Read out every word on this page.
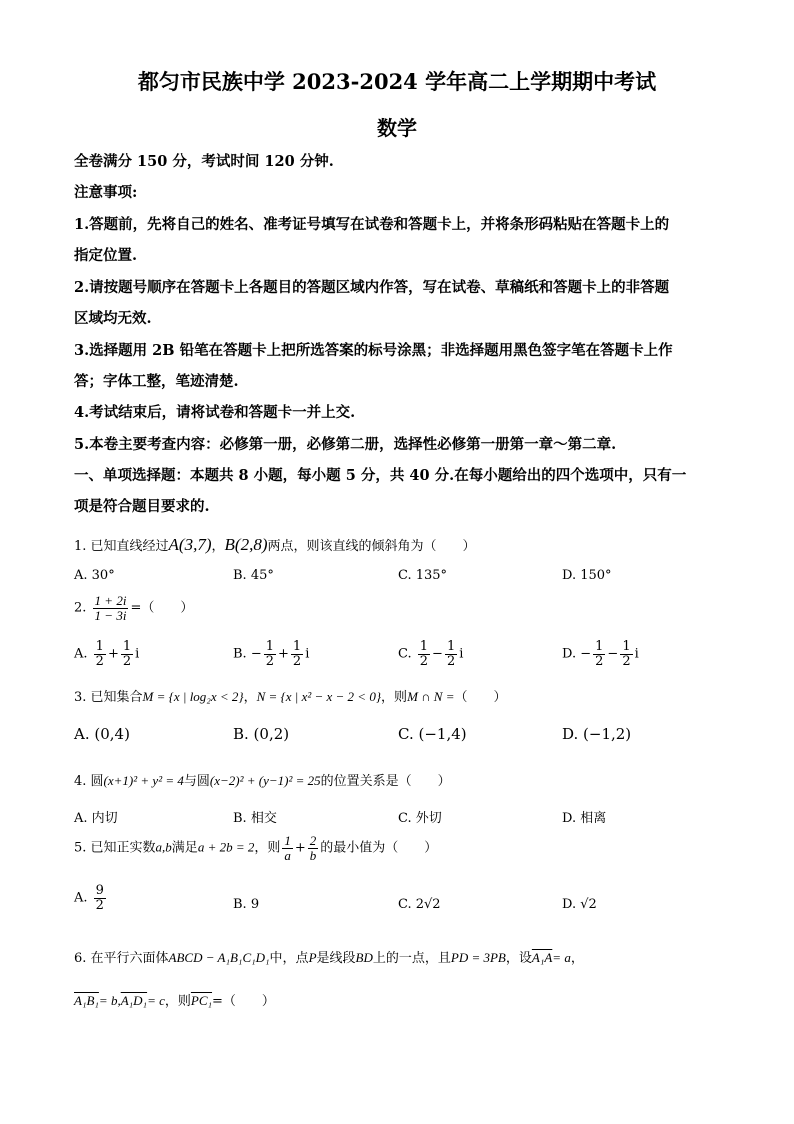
都匀市民族中学 2023-2024 学年高二上学期期中考试
数学
全卷满分 150 分，考试时间 120 分钟.
注意事项:
1.答题前，先将自己的姓名、准考证号填写在试卷和答题卡上，并将条形码粘贴在答题卡上的
指定位置.
2.请按题号顺序在答题卡上各题目的答题区域内作答，写在试卷、草稿纸和答题卡上的非答题
区域均无效.
3.选择题用 2B 铅笔在答题卡上把所选答案的标号涂黑；非选择题用黑色签字笔在答题卡上作
答；字体工整，笔迹清楚.
4.考试结束后，请将试卷和答题卡一并上交.
5.本卷主要考查内容：必修第一册，必修第二册，选择性必修第一册第一章～第二章.
一、单项选择题：本题共 8 小题，每小题 5 分，共 40 分.在每小题给出的四个选项中，只有一
项是符合题目要求的.
1. 已知直线经过A(3,7)，B(2,8)两点，则该直线的倾斜角为（　　）
A. 30°	B. 45°	C. 135°	D. 150°
2. $\frac{1 + 2i}{1 - 3i}$ =（　　）
A. $\frac{1}{2} + \frac{1}{2}$ i	B. − $\frac{1}{2} + \frac{1}{2}$ i	C. $\frac{1}{2} - \frac{1}{2}$ i	D. − $\frac{1}{2} - \frac{1}{2}$ i
3. 已知集合M = {x | log₂x < 2}，N = {x | x² − x − 2 < 0}，则M ∩ N =（　　）
A. (0,4)	B. (0,2)	C. (−1,4)	D. (−1,2)
4. 圆(x+1)² + y² = 4与圆(x−2)² + (y−1)² = 25的位置关系是（　　）
A. 内切	B. 相交	C. 外切	D. 相离
5. 已知正实数a,b满足a + 2b = 2，则 $\frac{1}{a} + \frac{2}{b}$ 的最小值为（　　）
A. $\frac{9}{2}$	B. 9	C. 2√2	D. √2
6. 在平行六面体ABCD − A₁B₁C₁D₁中，点P是线段BD上的一点，且PD = 3PB，设A₁A= a，
A₁B₁= b,A₁D₁= c，则PC₁=（　　）
